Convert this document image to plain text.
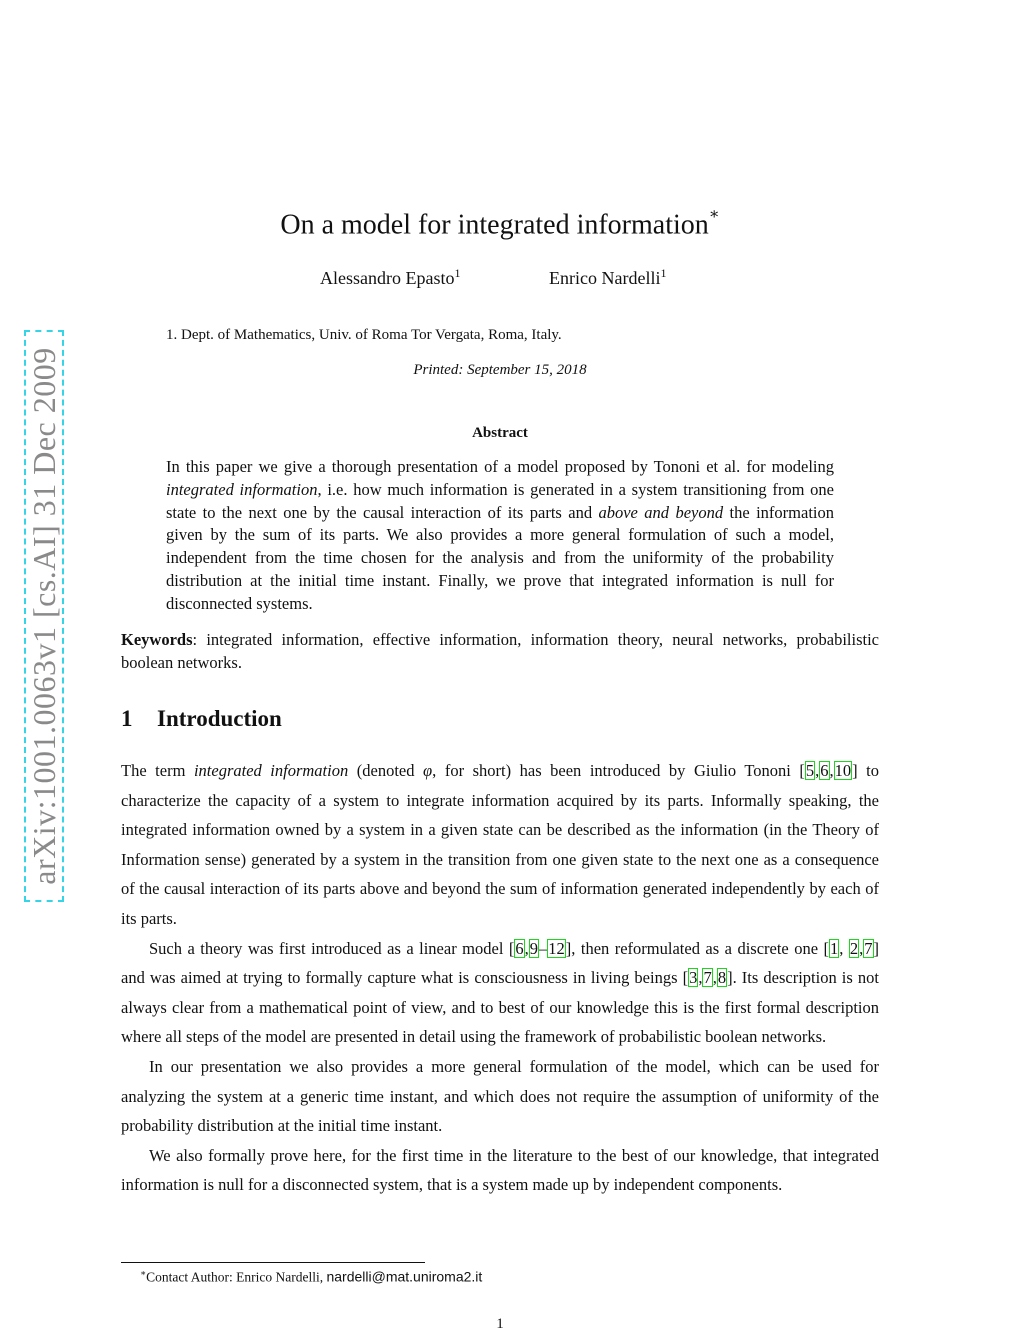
arXiv:1001.0063v1 [cs.AI] 31 Dec 2009
On a model for integrated information∗
Alessandro Epasto$^1$	Enrico Nardelli$^1$
1. Dept. of Mathematics, Univ. of Roma Tor Vergata, Roma, Italy.
Printed: September 15, 2018
Abstract
In this paper we give a thorough presentation of a model proposed by Tononi et al. for modeling integrated information, i.e. how much information is generated in a system transitioning from one state to the next one by the causal interaction of its parts and above and beyond the information given by the sum of its parts. We also provides a more general formulation of such a model, independent from the time chosen for the analysis and from the uniformity of the probability distribution at the initial time instant. Finally, we prove that integrated information is null for disconnected systems.
Keywords: integrated information, effective information, information theory, neural networks, probabilistic boolean networks.
1 Introduction

The term integrated information (denoted φ, for short) has been introduced by Giulio Tononi [5,6,10] to characterize the capacity of a system to integrate information acquired by its parts. Informally speaking, the integrated information owned by a system in a given state can be described as the information (in the Theory of Information sense) generated by a system in the transition from one given state to the next one as a consequence of the causal interaction of its parts above and beyond the sum of information generated independently by each of its parts.

Such a theory was first introduced as a linear model [6,9–12], then reformulated as a discrete one [1, 2,7] and was aimed at trying to formally capture what is consciousness in living beings [3,7,8]. Its description is not always clear from a mathematical point of view, and to best of our knowledge this is the first formal description where all steps of the model are presented in detail using the framework of probabilistic boolean networks.

In our presentation we also provides a more general formulation of the model, which can be used for analyzing the system at a generic time instant, and which does not require the assumption of uniformity of the probability distribution at the initial time instant.

We also formally prove here, for the first time in the literature to the best of our knowledge, that integrated information is null for a disconnected system, that is a system made up by independent components.

∗Contact Author: Enrico Nardelli, nardelli@mat.uniroma2.it
1
